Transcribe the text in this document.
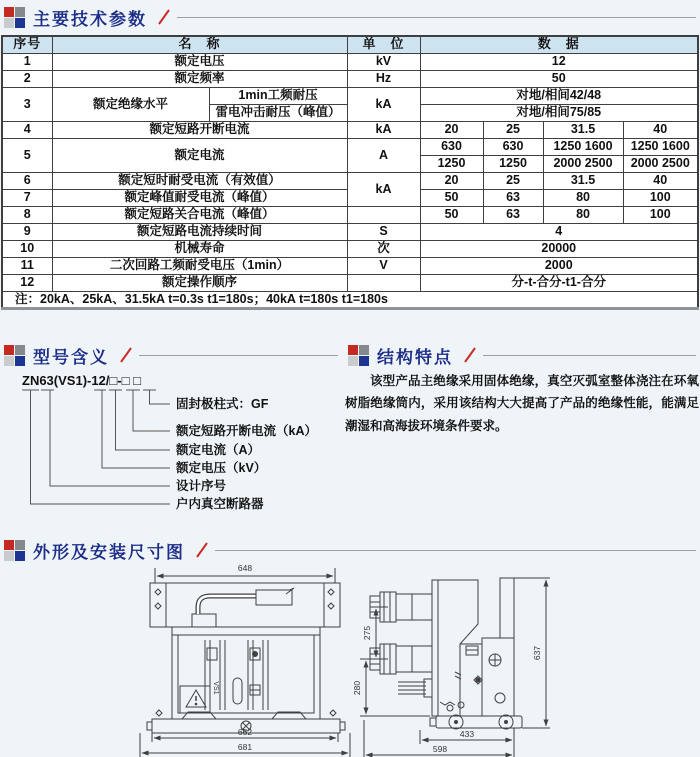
主要技术参数
序号	名　称		单　位	数　据			
1	额定电压		kV	12			
2	额定频率		Hz	50			
3	额定绝缘水平	1min工频耐压	kA	对地/相间42/48			
		雷电冲击耐压（峰值）		对地/相间75/85			
4	额定短路开断电流		kA	20	25	31.5	40
5	额定电流		A	630	630	1250 1600	1250 1600
				1250	1250	2000 2500	2000 2500
6	额定短时耐受电流（有效值）		kA	20	25	31.5	40
7	额定峰值耐受电流（峰值）			50	63	80	100
8	额定短路关合电流（峰值）			50	63	80	100
9	额定短路电流持续时间		S	4			
10	机械寿命		次	20000			
11	二次回路工频耐受电压（1min）		V	2000			
12	额定操作顺序			分-t-合分-t1-合分			
注：20kA、25kA、31.5kA t=0.3s t1=180s；40kA t=180s t1=180s							
型号含义
ZN63(VS1)-12/□-□ □
固封极柱式：GF
额定短路开断电流（kA）
额定电流（A）
额定电压（kV）
设计序号
户内真空断路器
结构特点
该型产品主绝缘采用固体绝缘，真空灭弧室整体浇注在环氧树脂绝缘筒内，采用该结构大大提高了产品的绝缘性能，能满足潮湿和高海拔环境条件要求。
外形及安装尺寸图
648
VS1
652
681
275
280
637
433
598
